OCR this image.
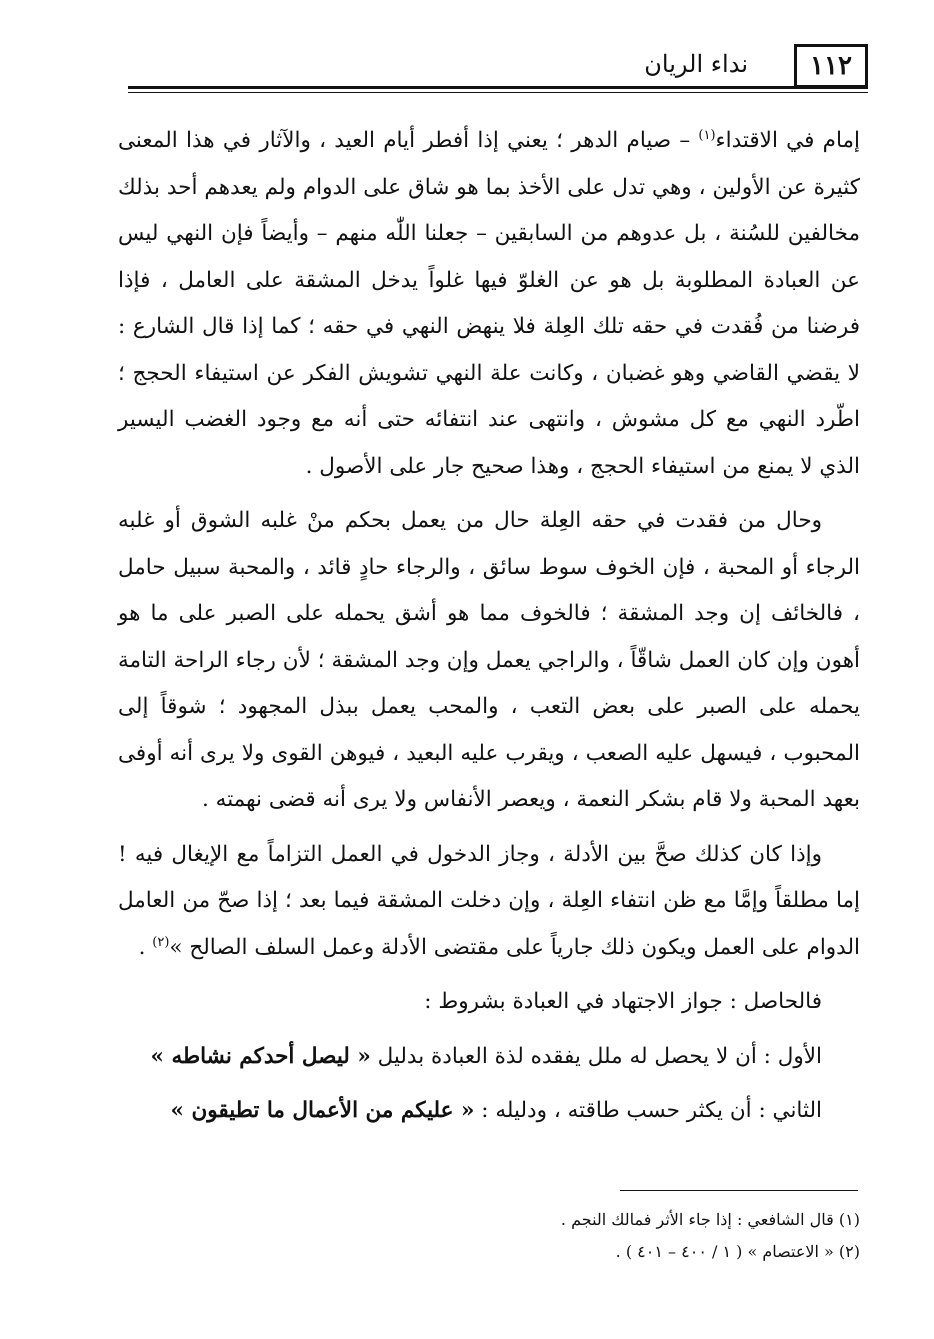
١١٢
نداء الريان

إمام في الاقتداء$^{(١)}$ – صيام الدهر ؛ يعني إذا أفطر أيام العيد ، والآثار في هذا المعنى كثيرة عن الأولين ، وهي تدل على الأخذ بما هو شاق على الدوام ولم يعدهم أحد بذلك مخالفين للسُنة ، بل عدوهم من السابقين – جعلنا اللّٰه منهم – وأيضاً فإن النهي ليس عن العبادة المطلوبة بل هو عن الغلوّ فيها غلواً يدخل المشقة على العامل ، فإذا فرضنا من فُقدت في حقه تلك العِلة فلا ينهض النهي في حقه ؛ كما إذا قال الشارع : لا يقضي القاضي وهو غضبان ، وكانت علة النهي تشويش الفكر عن استيفاء الحجج ؛ اطّرد النهي مع كل مشوش ، وانتهى عند انتفائه حتى أنه مع وجود الغضب اليسير الذي لا يمنع من استيفاء الحجج ، وهذا صحيح جار على الأصول .

وحال من فقدت في حقه العِلة حال من يعمل بحكم منْ غلبه الشوق أو غلبه الرجاء أو المحبة ، فإن الخوف سوط سائق ، والرجاء حادٍ قائد ، والمحبة سبيل حامل ، فالخائف إن وجد المشقة ؛ فالخوف مما هو أشق يحمله على الصبر على ما هو أهون وإن كان العمل شاقّاً ، والراجي يعمل وإن وجد المشقة ؛ لأن رجاء الراحة التامة يحمله على الصبر على بعض التعب ، والمحب يعمل ببذل المجهود ؛ شوقاً إلى المحبوب ، فيسهل عليه الصعب ، ويقرب عليه البعيد ، فيوهن القوى ولا يرى أنه أوفى بعهد المحبة ولا قام بشكر النعمة ، ويعصر الأنفاس ولا يرى أنه قضى نهمته .

وإذا كان كذلك صحَّ بين الأدلة ، وجاز الدخول في العمل التزاماً مع الإيغال فيه ! إما مطلقاً وإمَّا مع ظن انتفاء العِلة ، وإن دخلت المشقة فيما بعد ؛ إذا صحّ من العامل الدوام على العمل ويكون ذلك جارياً على مقتضى الأدلة وعمل السلف الصالح »$^{(٢)}$ .

فالحاصل : جواز الاجتهاد في العبادة بشروط :

الأول : أن لا يحصل له ملل يفقده لذة العبادة بدليل « ليصل أحدكم نشاطه »

الثاني : أن يكثر حسب طاقته ، ودليله : « عليكم من الأعمال ما تطيقون »

(١) قال الشافعي : إذا جاء الأثر فمالك النجم .

(٢) « الاعتصام » ( ١ / ٤٠٠ – ٤٠١ ) .
